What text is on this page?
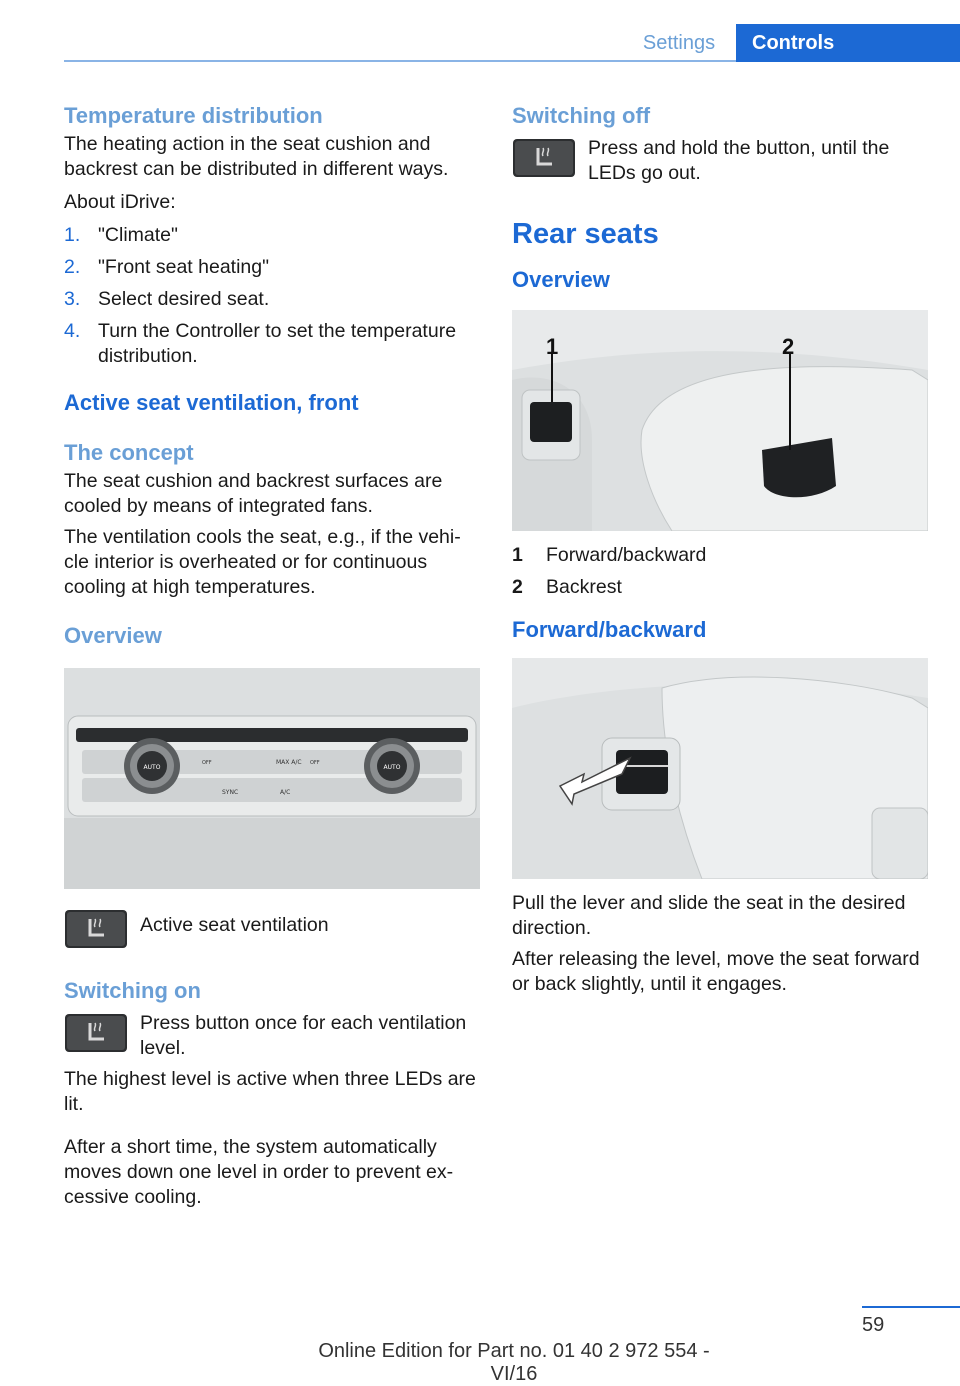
Settings	Controls
Temperature distribution

The heating action in the seat cushion and backrest can be distributed in different ways.

About iDrive:

1. "Climate"
2. "Front seat heating"
3. Select desired seat.
4. Turn the Controller to set the temperature distribution.
Active seat ventilation, front
The concept

The seat cushion and backrest surfaces are cooled by means of integrated fans.

The ventilation cools the seat, e.g., if the vehi-cle interior is overheated or for continuous cooling at high temperatures.

Overview
AUTO	AUTO
OFF	MAX A/C OFF
SYNC	A/C

Active seat ventilation

Switching on

Press button once for each ventilation level.

The highest level is active when three LEDs are lit.

After a short time, the system automatically moves down one level in order to prevent ex-cessive cooling.

Switching off

Press and hold the button, until the LEDs go out.

Rear seats
Overview
1	2
1	Forward/backward
2	Backrest
Forward/backward

Pull the lever and slide the seat in the desired direction.

After releasing the level, move the seat forward or back slightly, until it engages.

59
Online Edition for Part no. 01 40 2 972 554 - VI/16
